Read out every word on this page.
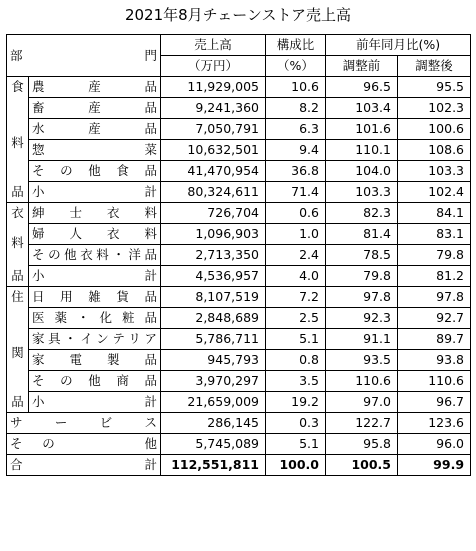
2021年8月チェーンストア売上高
部 門		売上高	構成比	前年同月比(%)	
		（万円）	（%）	調整前	調整後

食
料	農産品	11,929,005	10.6	96.5	95.5
	畜産品	9,241,360	8.2	103.4	102.3
	水産品	7,050,791	6.3	101.6	100.6
	惣菜	10,632,501	9.4	110.1	108.6
	その他食品	41,470,954	36.8	104.0	103.3
品	小 計	80,324,611	71.4	103.3	102.4

衣
料	紳士衣料	726,704	0.6	82.3	84.1
	婦人衣料	1,096,903	1.0	81.4	83.1
	その他衣料・洋品	2,713,350	2.4	78.5	79.8
品	小 計	4,536,957	4.0	79.8	81.2

住
関	日用雑貨品	8,107,519	7.2	97.8	97.8
	医薬・化粧品	2,848,689	2.5	92.3	92.7
	家具・インテリア	5,786,711	5.1	91.1	89.7
	家電製品	945,793	0.8	93.5	93.8
	その他商品	3,970,297	3.5	110.6	110.6
品	小 計	21,659,009	19.2	97.0	96.7
サービス		286,145	0.3	122.7	123.6

そ の 他		5,745,089	5.1	95.8	96.0

合 計		112,551,811	100.0	100.5	99.9
